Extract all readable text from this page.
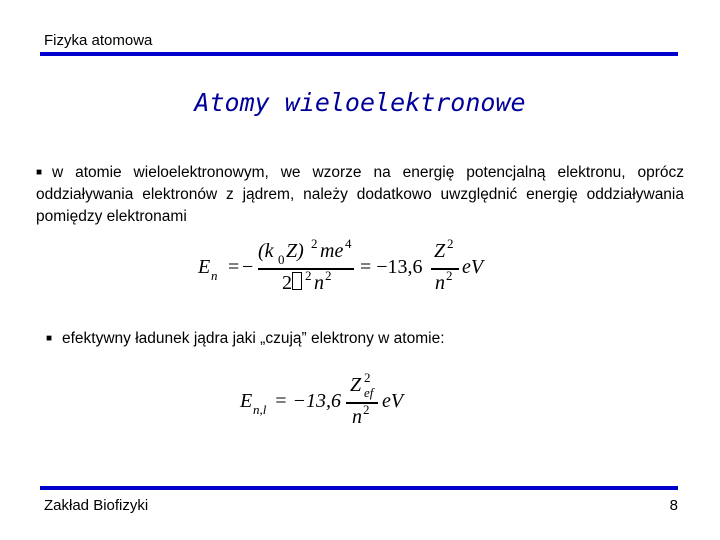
Fizyka atomowa
Atomy wieloelektronowe
■ w atomie wieloelektronowym, we wzorze na energię potencjalną elektronu, oprócz oddziaływania elektronów z jądrem, należy dodatkowo uwzględnić energię oddziaływania pomiędzy elektronami
E n = −
(k 0 Z) 2 me 4
2 2 n 2 = −13,6
Z 2
n 2 eV
■ efektywny ładunek jądra jaki „czują” elektrony w atomie:
E n,l = −13,6
Z 2
ef
n 2 eV
Zakład Biofizyki	8
